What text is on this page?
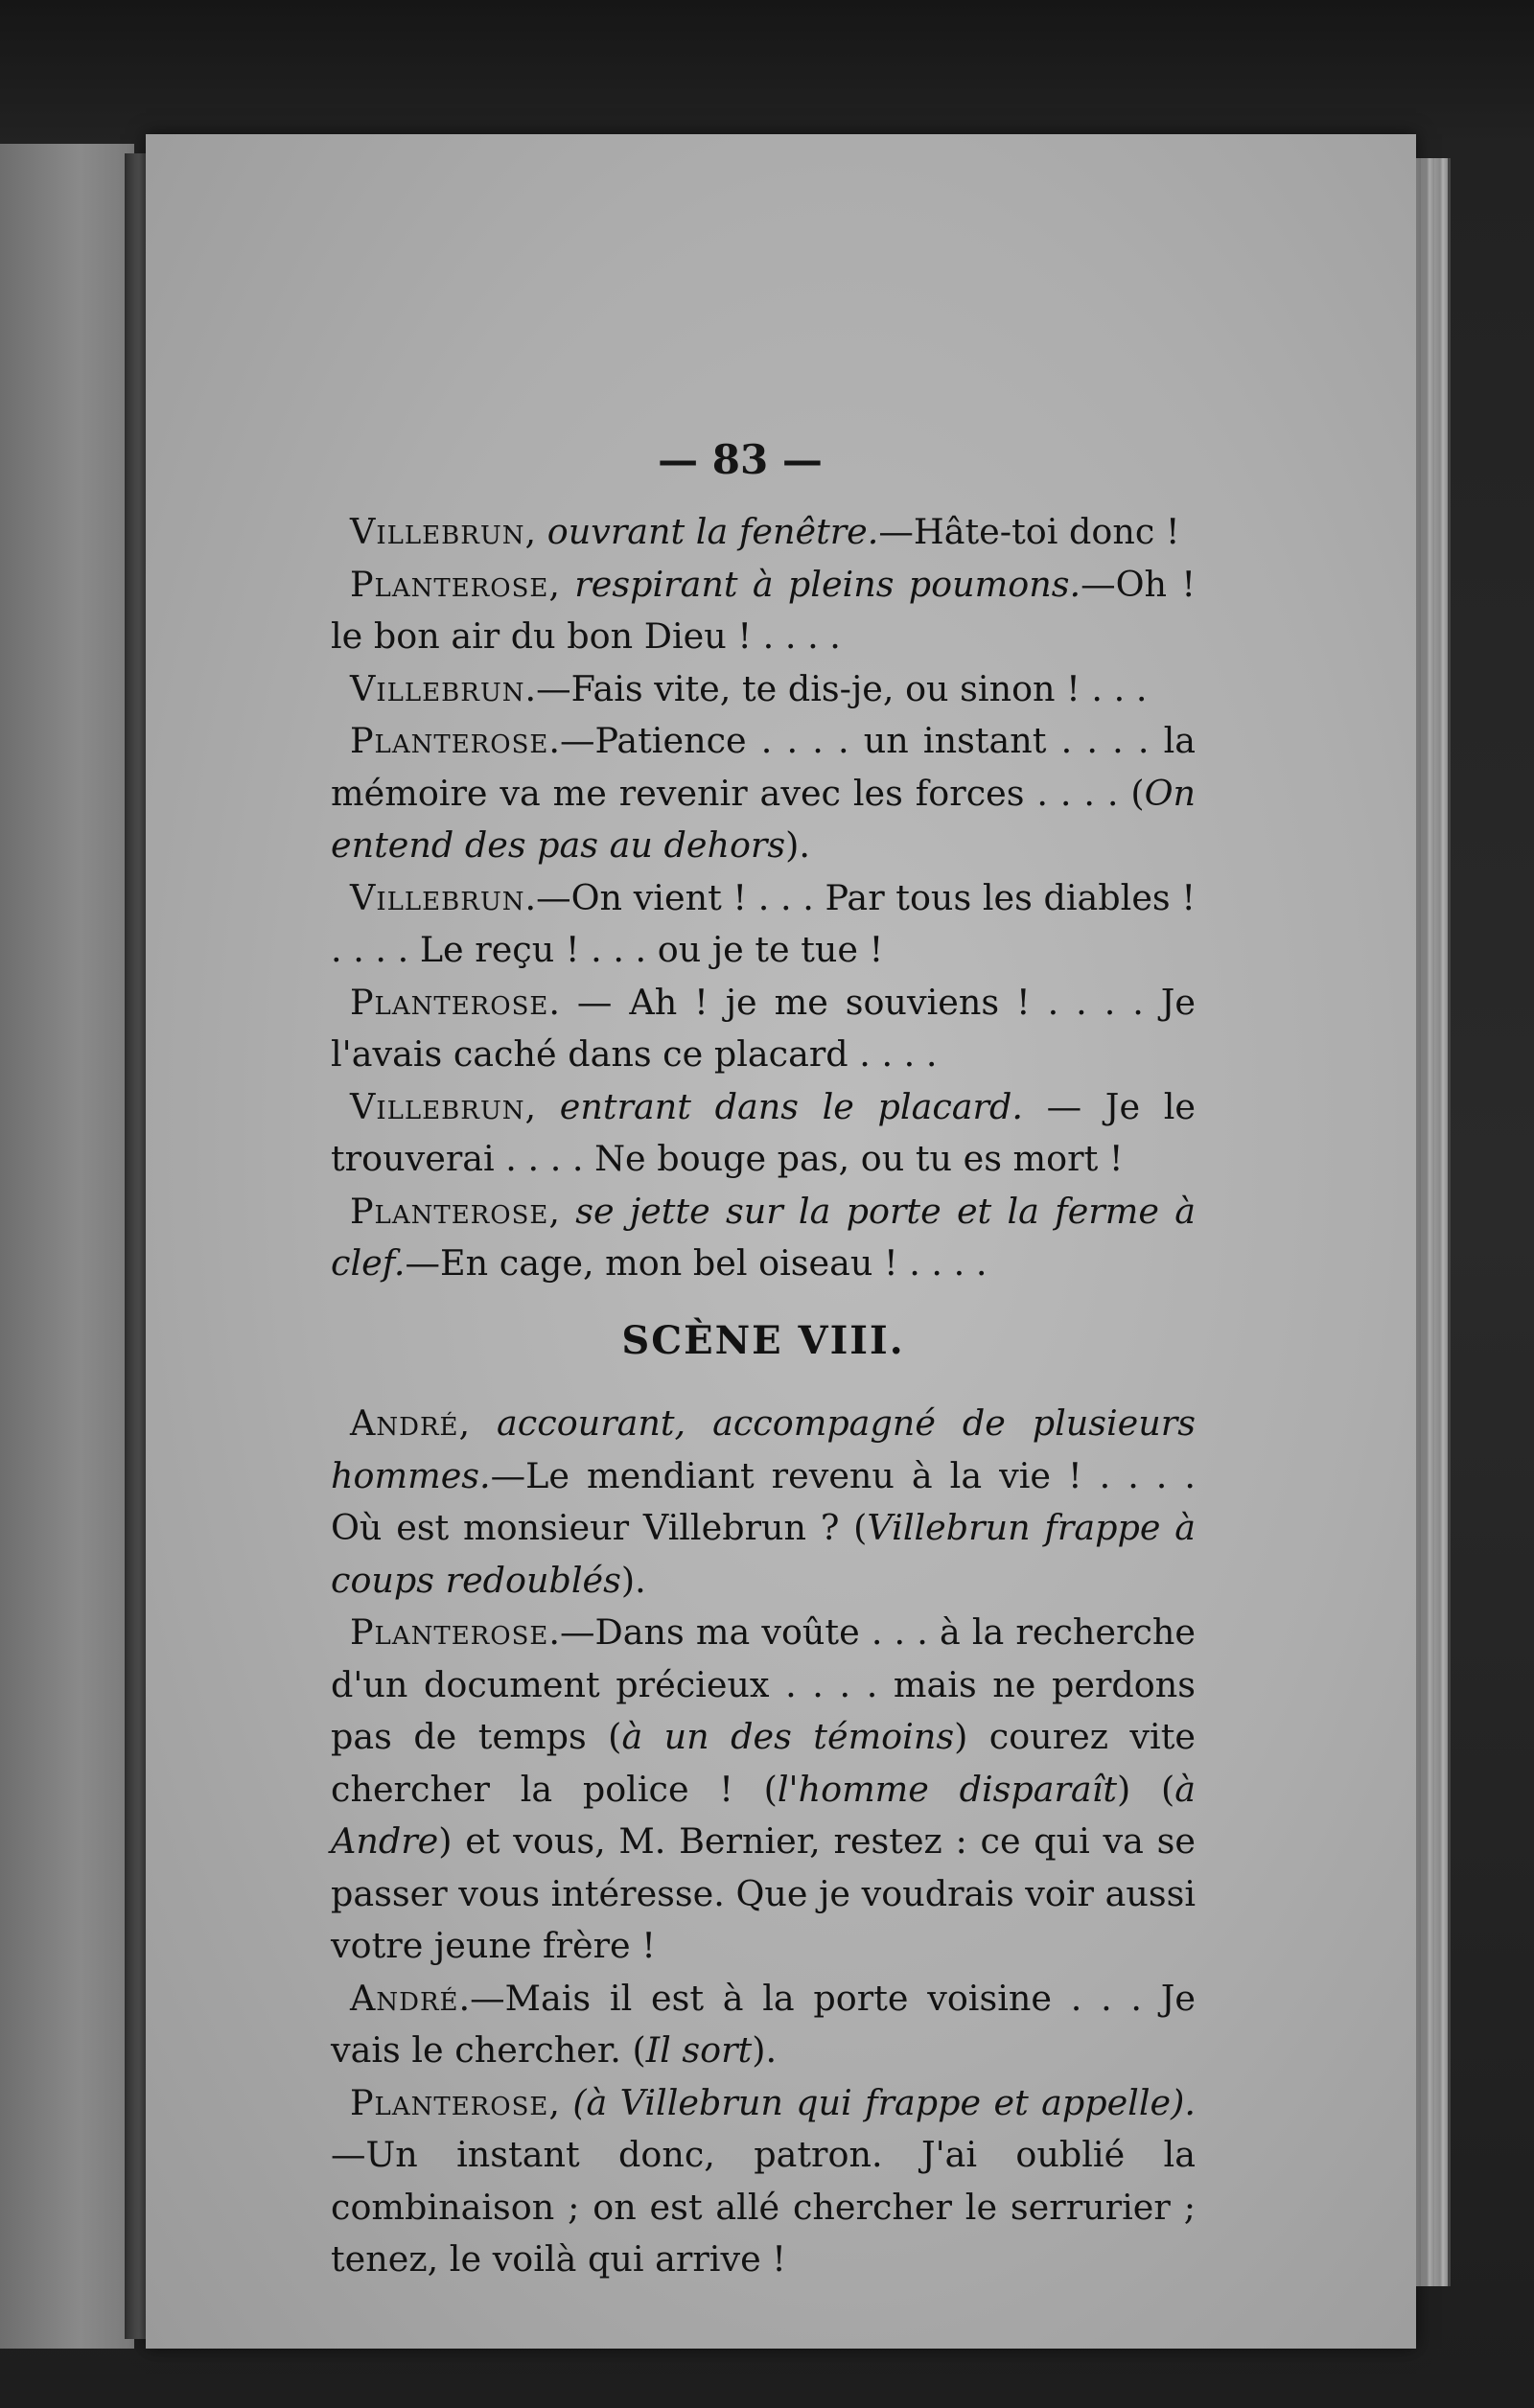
— 83 —

Villebrun, ouvrant la fenêtre.—Hâte-toi donc !

Planterose, respirant à pleins poumons.—Oh ! le bon air du bon Dieu ! . . . .

Villebrun.—Fais vite, te dis-je, ou sinon ! . . .

Planterose.—Patience . . . . un instant . . . . la mémoire va me revenir avec les forces . . . . (On entend des pas au dehors).

Villebrun.—On vient ! . . . Par tous les diables ! . . . . Le reçu ! . . . ou je te tue !

Planterose. — Ah ! je me souviens ! . . . . Je l'avais caché dans ce placard . . . .

Villebrun, entrant dans le placard. — Je le trouverai . . . . Ne bouge pas, ou tu es mort !

Planterose, se jette sur la porte et la ferme à clef.—En cage, mon bel oiseau ! . . . .

SCÈNE VIII.

André, accourant, accompagné de plusieurs hommes.—Le mendiant revenu à la vie ! . . . . Où est monsieur Villebrun ? (Villebrun frappe à coups redoublés).

Planterose.—Dans ma voûte . . . à la recherche d'un document précieux . . . . mais ne perdons pas de temps (à un des témoins) courez vite chercher la police ! (l'homme disparaît) (à Andre) et vous, M. Bernier, restez : ce qui va se passer vous intéresse. Que je voudrais voir aussi votre jeune frère !

André.—Mais il est à la porte voisine . . . Je vais le chercher. (Il sort).

Planterose, (à Villebrun qui frappe et appelle). —Un instant donc, patron. J'ai oublié la combinaison ; on est allé chercher le serrurier ; tenez, le voilà qui arrive !
